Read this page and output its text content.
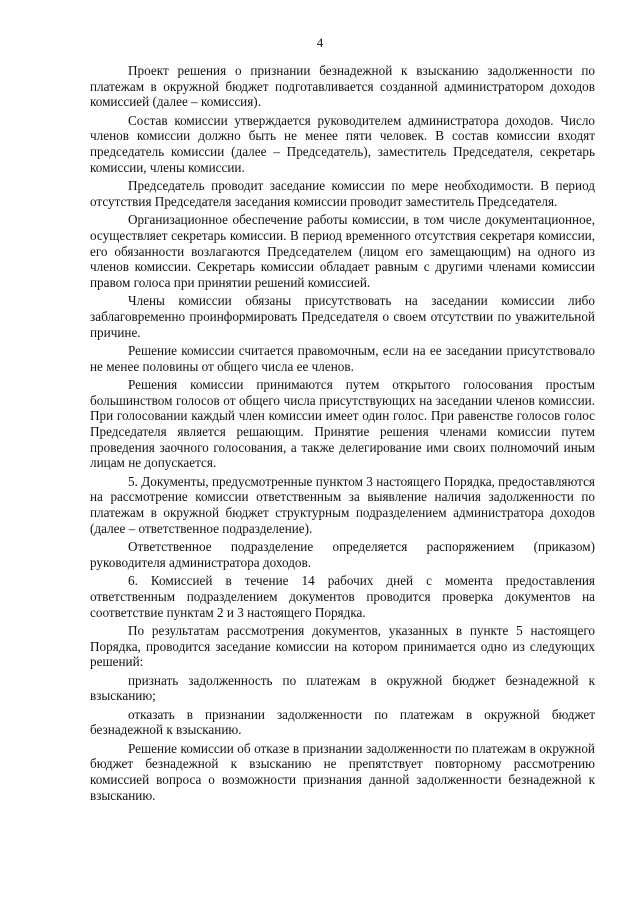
4

Проект решения о признании безнадежной к взысканию задолженности по платежам в окружной бюджет подготавливается созданной администратором доходов комиссией (далее – комиссия).

Состав комиссии утверждается руководителем администратора доходов. Число членов комиссии должно быть не менее пяти человек. В состав комиссии входят председатель комиссии (далее – Председатель), заместитель Председателя, секретарь комиссии, члены комиссии.

Председатель проводит заседание комиссии по мере необходимости. В период отсутствия Председателя заседания комиссии проводит заместитель Председателя.

Организационное обеспечение работы комиссии, в том числе документационное, осуществляет секретарь комиссии. В период временного отсутствия секретаря комиссии, его обязанности возлагаются Председателем (лицом его замещающим) на одного из членов комиссии. Секретарь комиссии обладает равным с другими членами комиссии правом голоса при принятии решений комиссией.

Члены комиссии обязаны присутствовать на заседании комиссии либо заблаговременно проинформировать Председателя о своем отсутствии по уважительной причине.

Решение комиссии считается правомочным, если на ее заседании присутствовало не менее половины от общего числа ее членов.

Решения комиссии принимаются путем открытого голосования простым большинством голосов от общего числа присутствующих на заседании членов комиссии. При голосовании каждый член комиссии имеет один голос. При равенстве голосов голос Председателя является решающим. Принятие решения членами комиссии путем проведения заочного голосования, а также делегирование ими своих полномочий иным лицам не допускается.

5. Документы, предусмотренные пунктом 3 настоящего Порядка, предоставляются на рассмотрение комиссии ответственным за выявление наличия задолженности по платежам в окружной бюджет структурным подразделением администратора доходов (далее – ответственное подразделение).

Ответственное подразделение определяется распоряжением (приказом) руководителя администратора доходов.

6. Комиссией в течение 14 рабочих дней с момента предоставления ответственным подразделением документов проводится проверка документов на соответствие пунктам 2 и 3 настоящего Порядка.

По результатам рассмотрения документов, указанных в пункте 5 настоящего Порядка, проводится заседание комиссии на котором принимается одно из следующих решений:

признать задолженность по платежам в окружной бюджет безнадежной к взысканию;

отказать в признании задолженности по платежам в окружной бюджет безнадежной к взысканию.

Решение комиссии об отказе в признании задолженности по платежам в окружной бюджет безнадежной к взысканию не препятствует повторному рассмотрению комиссией вопроса о возможности признания данной задолженности безнадежной к взысканию.
